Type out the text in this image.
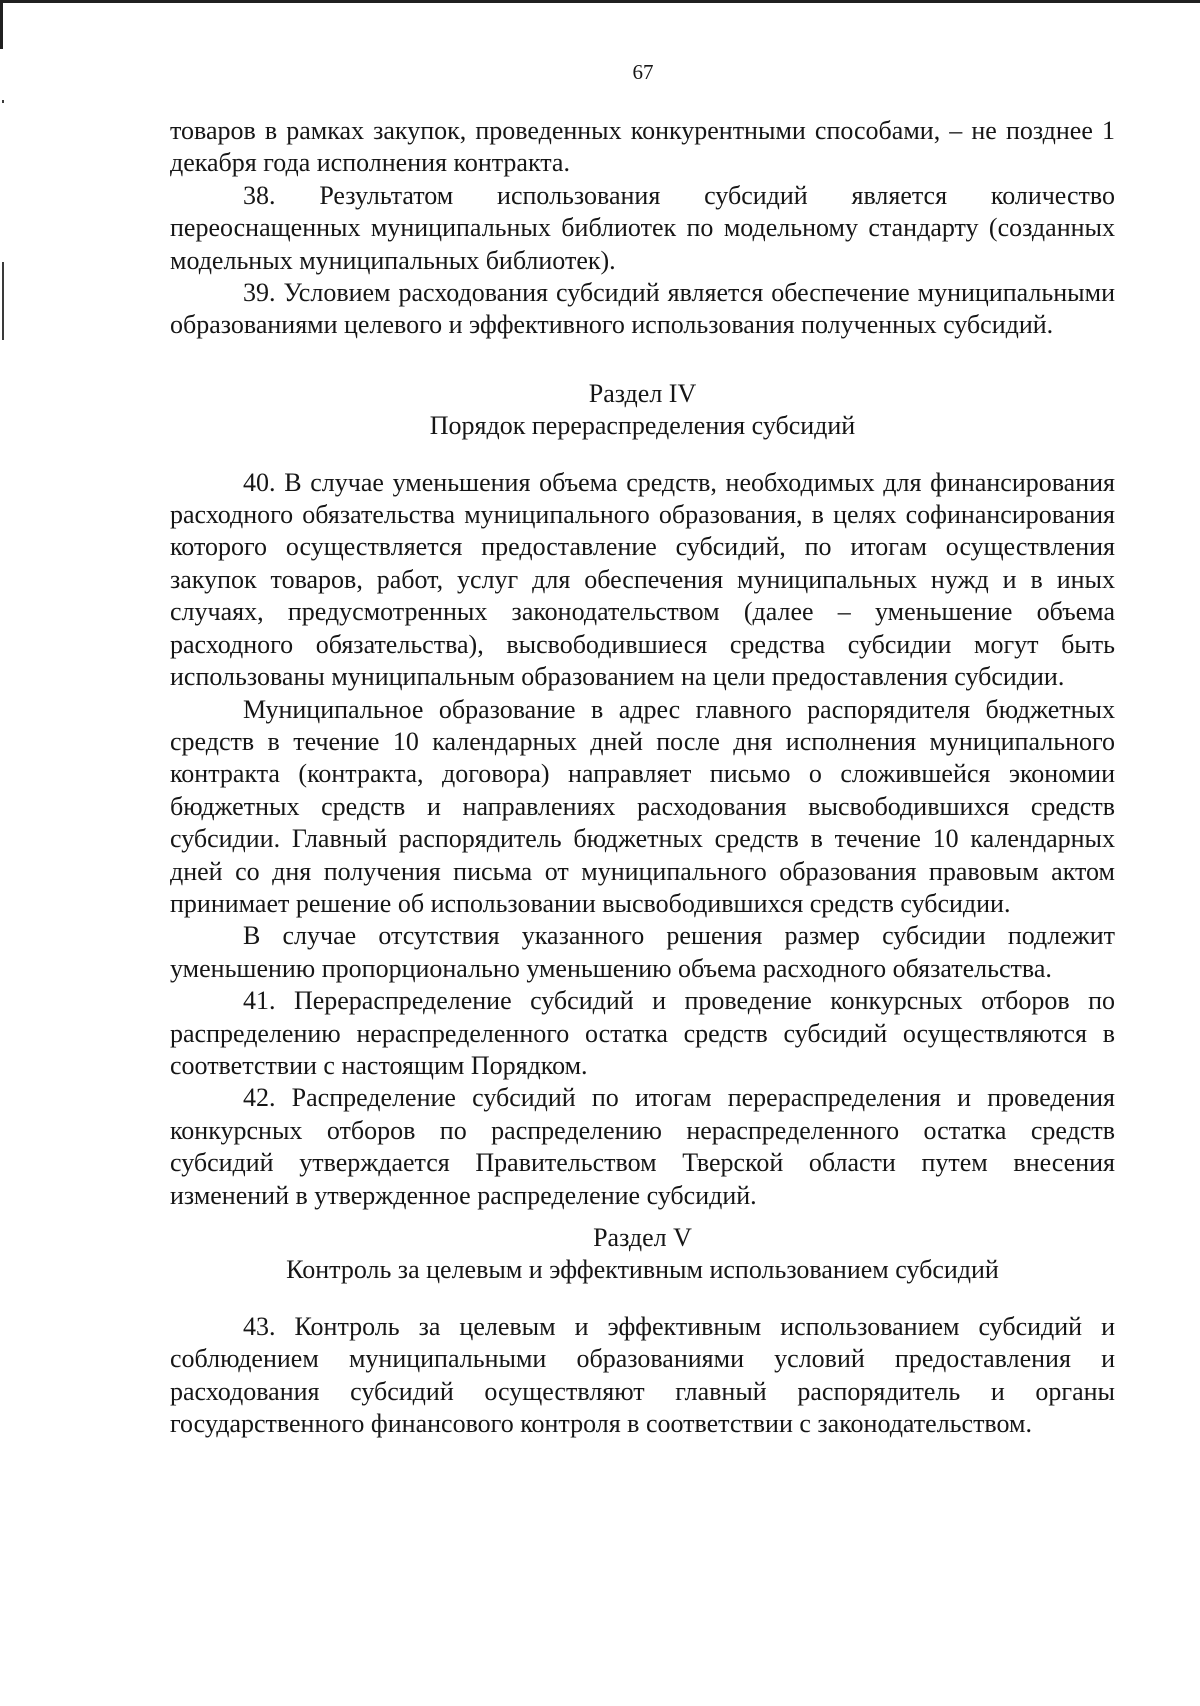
67

товаров в рамках закупок, проведенных конкурентными способами, – не позднее 1 декабря года исполнения контракта.

38. Результатом использования субсидий является количество переоснащенных муниципальных библиотек по модельному стандарту (созданных модельных муниципальных библиотек).

39. Условием расходования субсидий является обеспечение муниципальными образованиями целевого и эффективного использования полученных субсидий.

Раздел IV

Порядок перераспределения субсидий

40. В случае уменьшения объема средств, необходимых для финансирования расходного обязательства муниципального образования, в целях софинансирования которого осуществляется предоставление субсидий, по итогам осуществления закупок товаров, работ, услуг для обеспечения муниципальных нужд и в иных случаях, предусмотренных законодательством (далее – уменьшение объема расходного обязательства), высвободившиеся средства субсидии могут быть использованы муниципальным образованием на цели предоставления субсидии.

Муниципальное образование в адрес главного распорядителя бюджетных средств в течение 10 календарных дней после дня исполнения муниципального контракта (контракта, договора) направляет письмо о сложившейся экономии бюджетных средств и направлениях расходования высвободившихся средств субсидии. Главный распорядитель бюджетных средств в течение 10 календарных дней со дня получения письма от муниципального образования правовым актом принимает решение об использовании высвободившихся средств субсидии.

В случае отсутствия указанного решения размер субсидии подлежит уменьшению пропорционально уменьшению объема расходного обязательства.

41. Перераспределение субсидий и проведение конкурсных отборов по распределению нераспределенного остатка средств субсидий осуществляются в соответствии с настоящим Порядком.

42. Распределение субсидий по итогам перераспределения и проведения конкурсных отборов по распределению нераспределенного остатка средств субсидий утверждается Правительством Тверской области путем внесения изменений в утвержденное распределение субсидий.

Раздел V

Контроль за целевым и эффективным использованием субсидий

43. Контроль за целевым и эффективным использованием субсидий и соблюдением муниципальными образованиями условий предоставления и расходования субсидий осуществляют главный распорядитель и органы государственного финансового контроля в соответствии с законодательством.
